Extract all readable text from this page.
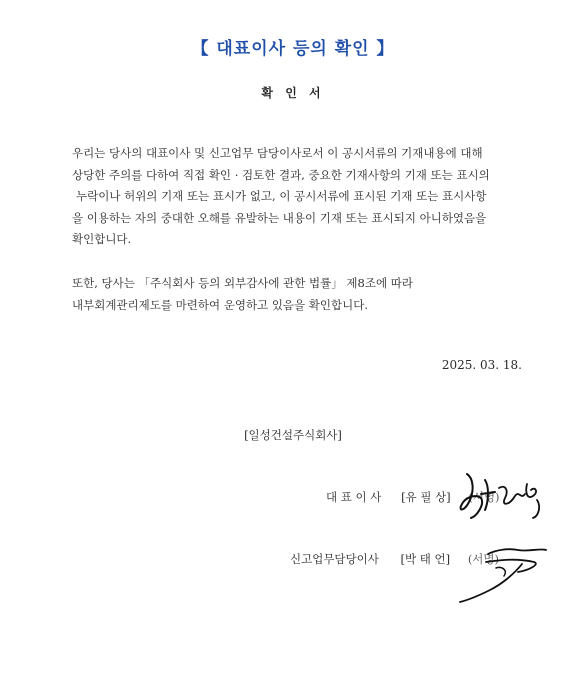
【 대표이사 등의 확인 】
확 인 서

우리는 당사의 대표이사 및 신고업무 담당이사로서 이 공시서류의 기재내용에 대해

상당한 주의를 다하여 직접 확인 · 검토한 결과, 중요한 기재사항의 기재 또는 표시의

누락이나 허위의 기재 또는 표시가 없고, 이 공시서류에 표시된 기재 또는 표시사항

을 이용하는 자의 중대한 오해를 유발하는 내용이 기재 또는 표시되지 아니하였음을

확인합니다.

또한, 당사는 「주식회사 등의 외부감사에 관한 법률」 제8조에 따라

내부회계관리제도를 마련하여 운영하고 있음을 확인합니다.

2025. 03. 18.
[일성건설주식회사]
대 표 이 사 [유 필 상] (서명)
신고업무담당이사 [박 태 언] (서명)
